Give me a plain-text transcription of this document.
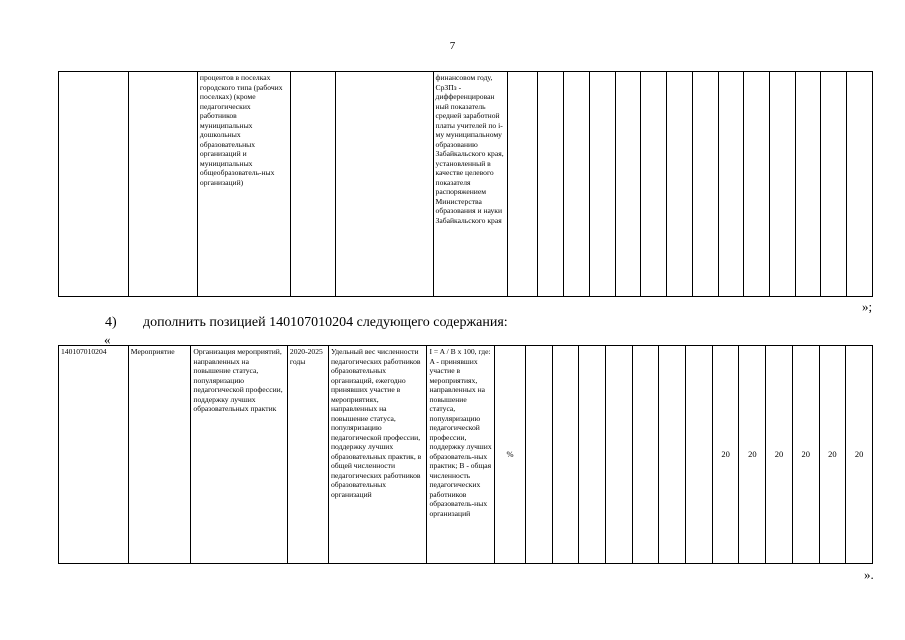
7
		процентов в поселках городского типа (рабочих поселках) (кроме педагогических работников муниципальных дошкольных образовательных организаций и муниципальных общеобразователь-ных организаций)			финансовом году, СрЗПз - дифференцирован ный показатель средней заработной платы учителей по i-му муниципальному образованию Забайкальского края, установленный в качестве целевого показателя распоряжением Министерства образования и науки Забайкальского края														
»;
4) дополнить позицией 140107010204 следующего содержания:
«
140107010204	Мероприятие	Организация мероприятий, направленных на повышение статуса, популяризацию педагогической профессии, поддержку лучших образовательных практик	2020-2025 годы	Удельный вес численности педагогических работников образовательных организаций, ежегодно принявших участие в мероприятиях, направленных на повышение статуса, популяризацию педагогической профессии, поддержку лучших образовательных практик, в общей численности педагогических работников образовательных организаций	I = A / B x 100, где: A - принявших участие в мероприятиях, направленных на повышение статуса, популяризацию педагогической профессии, поддержку лучших образователь-ных практик; B - общая численность педагогических работников образователь-ных организаций	%								20	20	20	20	20	20
».
